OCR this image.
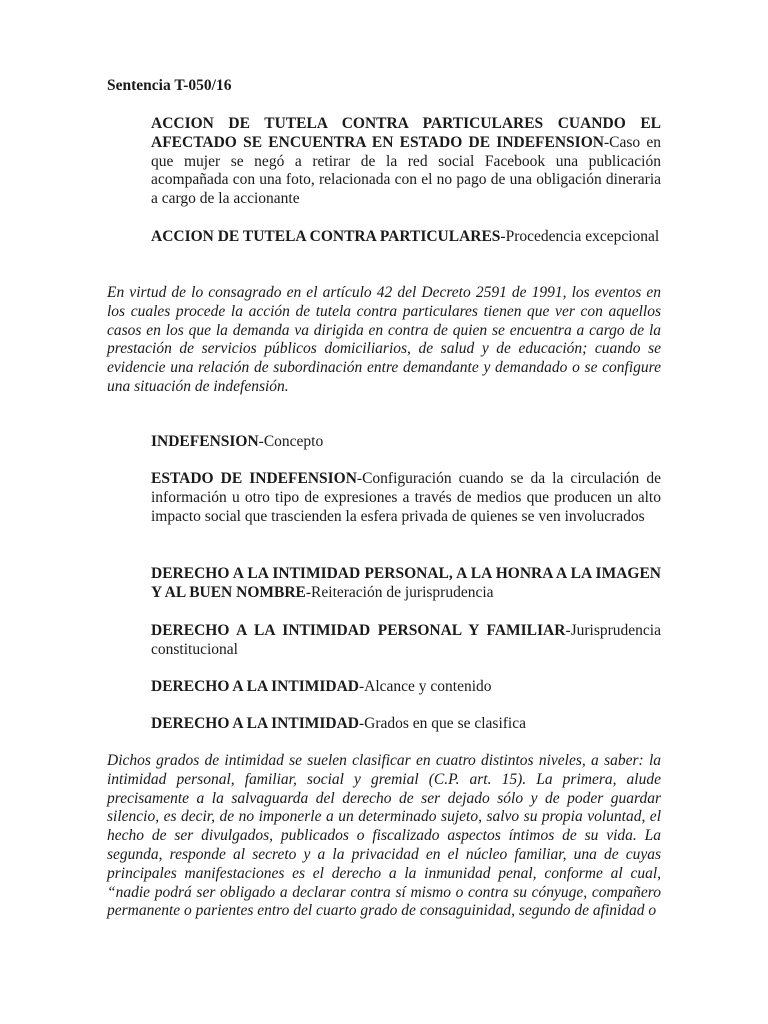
Sentencia T-050/16

ACCION DE TUTELA CONTRA PARTICULARES CUANDO EL AFECTADO SE ENCUENTRA EN ESTADO DE INDEFENSION-Caso en que mujer se negó a retirar de la red social Facebook una publicación acompañada con una foto, relacionada con el no pago de una obligación dineraria a cargo de la accionante

ACCION DE TUTELA CONTRA PARTICULARES-Procedencia excepcional

En virtud de lo consagrado en el artículo 42 del Decreto 2591 de 1991, los eventos en los cuales procede la acción de tutela contra particulares tienen que ver con aquellos casos en los que la demanda va dirigida en contra de quien se encuentra a cargo de la prestación de servicios públicos domiciliarios, de salud y de educación; cuando se evidencie una relación de subordinación entre demandante y demandado o se configure una situación de indefensión.

INDEFENSION-Concepto

ESTADO DE INDEFENSION-Configuración cuando se da la circulación de información u otro tipo de expresiones a través de medios que producen un alto impacto social que trascienden la esfera privada de quienes se ven involucrados

DERECHO A LA INTIMIDAD PERSONAL, A LA HONRA A LA IMAGEN Y AL BUEN NOMBRE-Reiteración de jurisprudencia

DERECHO A LA INTIMIDAD PERSONAL Y FAMILIAR-Jurisprudencia constitucional

DERECHO A LA INTIMIDAD-Alcance y contenido

DERECHO A LA INTIMIDAD-Grados en que se clasifica

Dichos grados de intimidad se suelen clasificar en cuatro distintos niveles, a saber: la intimidad personal, familiar, social y gremial (C.P. art. 15). La primera, alude precisamente a la salvaguarda del derecho de ser dejado sólo y de poder guardar silencio, es decir, de no imponerle a un determinado sujeto, salvo su propia voluntad, el hecho de ser divulgados, publicados o fiscalizado aspectos íntimos de su vida. La segunda, responde al secreto y a la privacidad en el núcleo familiar, una de cuyas principales manifestaciones es el derecho a la inmunidad penal, conforme al cual, “nadie podrá ser obligado a declarar contra sí mismo o contra su cónyuge, compañero permanente o parientes entro del cuarto grado de consaguinidad, segundo de afinidad o
